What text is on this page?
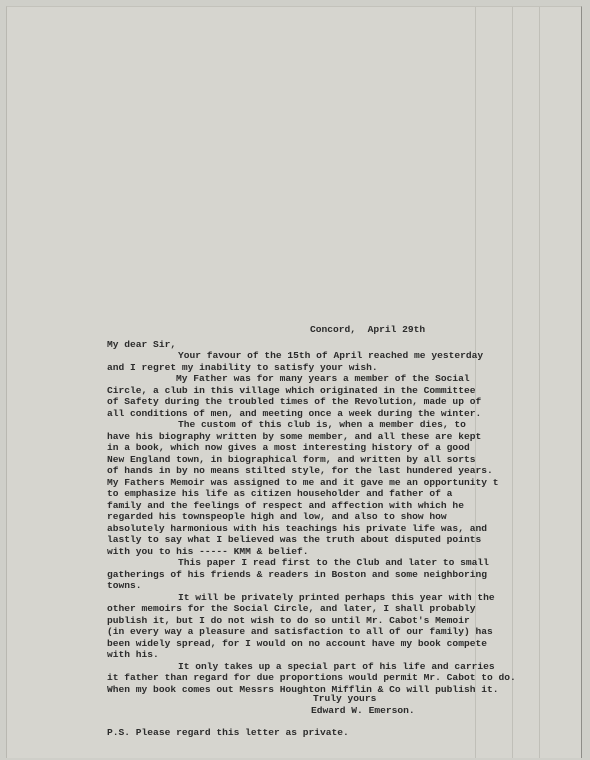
Concord,  April 29th

My dear Sir,

Your favour of the 15th of April reached me yesterday
and I regret my inability to satisfy your wish.
My Father was for many years a member of the Social
Circle, a club in this village which originated in the Committee
of Safety during the troubled times of the Revolution, made up of
all conditions of men, and meeting once a week during the winter.
The custom of this club is, when a member dies, to
have his biography written by some member, and all these are kept
in a book, which now gives a most interesting history of a good
New England town, in biographical form, and written by all sorts
of hands in by no means stilted style, for the last hundered years.
My Fathers Memoir was assigned to me and it gave me an opportunity t
to emphasize his life as citizen householder and father of a
family and the feelings of respect and affection with which he
regarded his townspeople high and low, and also to show how
absolutely harmonious with his teachings his private life was, and
lastly to say what I believed was the truth about disputed points
with you to his ----- KMM & belief.
This paper I read first to the Club and later to small
gatherings of his friends & readers in Boston and some neighboring
towns.
It will be privately printed perhaps this year with the
other memoirs for the Social Circle, and later, I shall probably
publish it, but I do not wish to do so until Mr. Cabot's Memoir
(in every way a pleasure and satisfaction to all of our family) has
been widely spread, for I would on no account have my book compete
with his.
It only takes up a special part of his life and carries
it father than regard for due proportions would permit Mr. Cabot to do.
When my book comes out Messrs Houghton Mifflin & Co will publish it.

Truly yours

Edward W. Emerson.

P.S. Please regard this letter as private.
